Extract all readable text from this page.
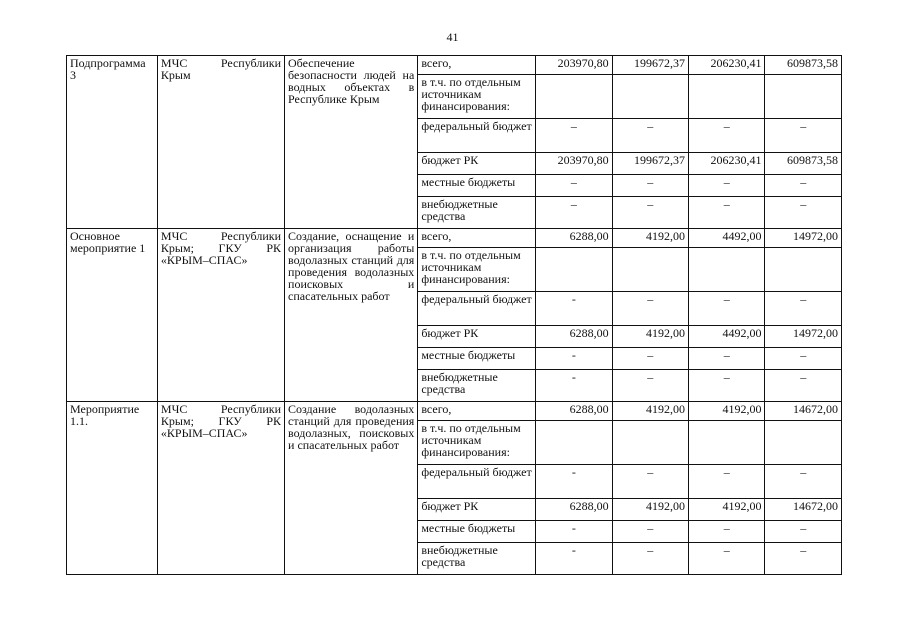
41
Подпрограмма 3	МЧС Республики Крым	Обеспечение безопасности людей на водных объектах в Республике Крым	всего,	203970,80	199672,37	206230,41	609873,58
			в т.ч. по отдельным источникам финансирования:				
			федеральный бюджет	–	–	–	–
			бюджет РК	203970,80	199672,37	206230,41	609873,58
			местные бюджеты	–	–	–	–
			внебюджетные средства	–	–	–	–
Основное мероприятие 1	МЧС Республики Крым; ГКУ РК «КРЫМ–СПАС»	Создание, оснащение и организация работы водолазных станций для проведения водолазных поисковых и спасательных работ	всего,	6288,00	4192,00	4492,00	14972,00
			в т.ч. по отдельным источникам финансирования:				
			федеральный бюджет	-	–	–	–
			бюджет РК	6288,00	4192,00	4492,00	14972,00
			местные бюджеты	-	–	–	–
			внебюджетные средства	-	–	–	–
Мероприятие 1.1.	МЧС Республики Крым; ГКУ РК «КРЫМ–СПАС»	Создание водолазных станций для проведения водолазных, поисковых и спасательных работ	всего,	6288,00	4192,00	4192,00	14672,00
			в т.ч. по отдельным источникам финансирования:				
			федеральный бюджет	-	–	–	–
			бюджет РК	6288,00	4192,00	4192,00	14672,00
			местные бюджеты	-	–	–	–
			внебюджетные средства	-	–	–	–
